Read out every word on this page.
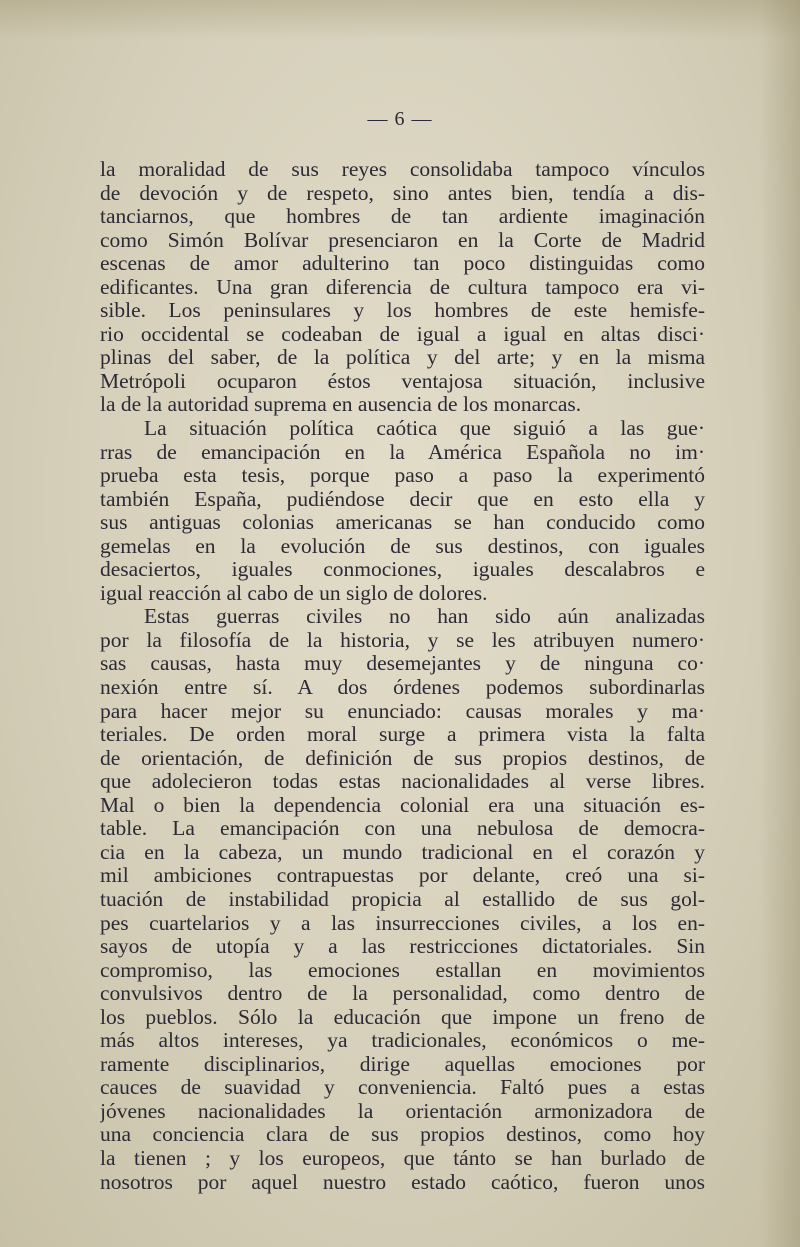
— 6 —
la moralidad de sus reyes consolidaba tampoco vínculos
de devoción y de respeto, sino antes bien, tendía a dis-
tanciarnos, que hombres de tan ardiente imaginación
como Simón Bolívar presenciaron en la Corte de Madrid
escenas de amor adulterino tan poco distinguidas como
edificantes. Una gran diferencia de cultura tampoco era vi-
sible. Los peninsulares y los hombres de este hemisfe-
rio occidental se codeaban de igual a igual en altas disci·
plinas del saber, de la política y del arte; y en la misma
Metrópoli ocuparon éstos ventajosa situación, inclusive
la de la autoridad suprema en ausencia de los monarcas.
La situación política caótica que siguió a las gue·
rras de emancipación en la América Española no im·
prueba esta tesis, porque paso a paso la experimentó
también España, pudiéndose decir que en esto ella y
sus antiguas colonias americanas se han conducido como
gemelas en la evolución de sus destinos, con iguales
desaciertos, iguales conmociones, iguales descalabros e
igual reacción al cabo de un siglo de dolores.
Estas guerras civiles no han sido aún analizadas
por la filosofía de la historia, y se les atribuyen numero·
sas causas, hasta muy desemejantes y de ninguna co·
nexión entre sí. A dos órdenes podemos subordinarlas
para hacer mejor su enunciado: causas morales y ma·
teriales. De orden moral surge a primera vista la falta
de orientación, de definición de sus propios destinos, de
que adolecieron todas estas nacionalidades al verse libres.
Mal o bien la dependencia colonial era una situación es-
table. La emancipación con una nebulosa de democra-
cia en la cabeza, un mundo tradicional en el corazón y
mil ambiciones contrapuestas por delante, creó una si-
tuación de instabilidad propicia al estallido de sus gol-
pes cuartelarios y a las insurrecciones civiles, a los en-
sayos de utopía y a las restricciones dictatoriales. Sin
compromiso, las emociones estallan en movimientos
convulsivos dentro de la personalidad, como dentro de
los pueblos. Sólo la educación que impone un freno de
más altos intereses, ya tradicionales, económicos o me-
ramente disciplinarios, dirige aquellas emociones por
cauces de suavidad y conveniencia. Faltó pues a estas
jóvenes nacionalidades la orientación armonizadora de
una conciencia clara de sus propios destinos, como hoy
la tienen ; y los europeos, que tánto se han burlado de
nosotros por aquel nuestro estado caótico, fueron unos
